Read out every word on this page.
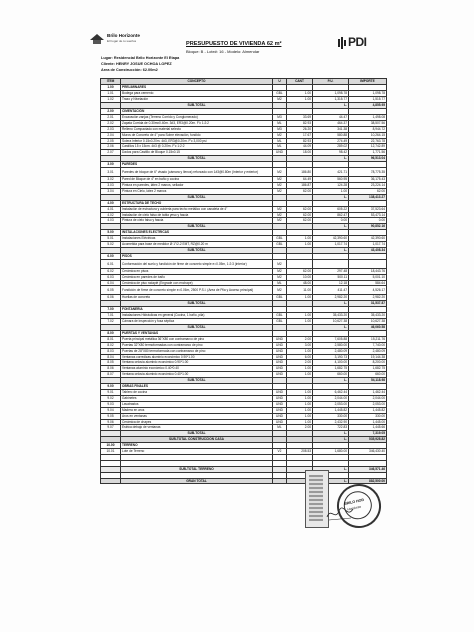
Brilo Horizonte
El hogar de tu sueños	PRESUPUESTO DE VIVIENDA 62 m²
Bloque: B - Lote#: 16 - Modelo: Almendar
PDI
Lugar: Residencial Brilo Horizonte El Etapa
Cliente: HENRY JOSUE OCHOA LOPEZ
Area de Construcción: 62.00m2
ITEM	CONCEPTO	U	CANT	P.U.	IMPORTE
1.00	PRELIMINARES				
1.01	Bodega para cemento	GBL	1.00	1,098.78	1,098.78
1.02	Trazo y Nivelación	M2	1.00	1,315.77	1,515.77
	SUB-TOTAL			L.	4,855.95
2.00	CIMENTACIÓN				
2.01	Excavación zanjas (Terreno Corrido y Conglomerado)	M3	33.69	44.47	1,498.08
2.02	Zapata Corrida de 0.30mx0.40m. 3#3, ER3@0.20m. F'c 1:2:2	ML	82.93	464.37	38,507.56
2.03	Relleno Compactado con material selecto	M3	26.20	341.38	8,944.72
2.04	Muros de Concreto de 4" para Sobre elevación, fundido	M2	17.67	580.88	10,264.15
2.05	Solera Inferior 0.15x0.20m. 4#3, ER3@0.20m. F'c 3,000 psi	ML	82.93	274.49	22,763.78
2.06	Castillos 15 x 15cm. 4#3 @ 0.20m. F'c 1:2:2	ML	44.09	289.02	12,742.89
2.07	Dados para Castillo de Bloque 0.15x0.15	UND	18.00	98.42	1,771.56
	SUB-TOTAL			L.	96,513.04
3.00	PAREDES				
3.01	Paredes de bloque de 6" visado (cámara y llenos) reforzado con 1#3@0.80m (Interior y exterior)	M2	186.80	421.71	78,775.35
3.02	Pared de Bloque de 4" en baño y cocina	M2	64.49	560.95	36,175.43
3.03	Pintura en paredes, látex 2 manos, sellador	M2	186.87	124.28	23,224.14
3.04	Pintura en Cielo, látex 2 manos	M2	62.00	1.00	62.00
	SUB-TOTAL			L.	138,413.27
4.00	ESTRUCTURA DE TECHO				
4.01	Instalación de estructura y cubierta para techo metálico con canaleta de 4"	M2	62.00	605.22	37,523.64
4.02	Instalación de cielo falso de tabla yeso y fascia	M2	62.00	862.47	53,473.14
4.03	Pintura de cielo falso y fascia	M2	62.00	0.00	0.00
	SUB-TOTAL			L.	90,852.16
5.00	INSTALACIONES ELECTRICAS				
5.01	Instalaciones Eléctricas	GBL	1.00	42,390.60	42,390.60
5.02	Acometida para base de medidor Ø 1"/2-2 EMT, RZ@0.20 m	GBL	1.00	1,017.74	1,017.74
	SUB-TOTAL			L.	43,408.34
6.00	PISOS				
6.01	Conformación del suelo y fundición de firme de concreto simple e=0.05m, 1:2:3 (interior)	M2			
6.02	Cerámica en pisos	M2	62.00	297.48	18,443.76
6.03	Cerámica en paredes de baño	M2	10.00	500.11	5,001.10
6.04	Cerámica de piso rodapié (Engrade con enchape)	ML	48.00	12.18	584.64
6.05	Fundición de firme de concreto simple e=0.06m, 2500 P.S.I. (Area de Pila y Acceso principal)	M2	11.00	411.47	4,526.17
6.06	Huellas de concreto	GBL	1.00	2,982.20	2,982.20
	SUB-TOTAL			L.	31,537.87
7.00	FONTANERIA				
7.01	Instalaciones Hidráulicas en general (Cocina, 1 baño, pila)	GBL	1.00	35,433.20	35,433.20
7.02	Cámara de inspección y fosa séptica	GBL	1.00	10,627.38	10,627.38
	SUB-TOTAL			L.	46,060.58
8.00	PUERTAS Y VENTANAS				
8.01	Puerta principal metálica 36"X80 con contramarco de pino	UND	2.00	7,605.88	15,211.76
8.02	Puertas 32"X80 termoformadas con contramarco de pino	UND	3.00	2,580.00	7,740.00
8.03	Puertas de 28"X80 termoformada con contramarco de pino	UND	1.00	2,480.09	2,480.09
8.04	Ventanas corredizas aluminio económico 0.90*1.00	UND	6.00	3,190.73	19,144.38
8.05	Ventana celosía aluminio económico 0.90*1.00	UND	2.00	4,100.00	8,200.00
8.06	Ventanas aluminio económico 0.40*0.40	UND	1.00	1,682.75	1,682.75
8.07	Ventana celosía aluminio económico 0.40*1.00	UND	1.00	660.00	660.00
	SUB-TOTAL			L.	54,118.98
9.00	OBRAS FINALES				
9.01	Tablero de cocina	UND	1.00	6,462.44	1,462.44
9.02	Gabinetes	UND	1.00	2,044.00	2,044.00
9.03	Lavatrastos	UND	1.00	2,053.00	2,053.00
9.04	Madera en aros	UND	1.00	1,445.82	1,445.82
9.05	Aros en ventanas	UND	1.00	330.00	330.00
9.06	Cerámica de chapes	UND	1.00	2,432.90	1,445.00
9.07	Estrica debajo de ventanas	ML	2.00	722.83	1,445.66
	SUB-TOTAL			L.	7,319.05
	SUB-TOTAL CONSTRUCCION CASA			L.	535,928.82
10.00	TERRENO				
10.01	Lote de Terreno	V2	208.53	1,680.00	346,430.40

	SUB-TOTAL TERRENO			L.	346,571.46

	GRAN TOTAL			L.	882,500.00
BRILO HOR
Honduras
